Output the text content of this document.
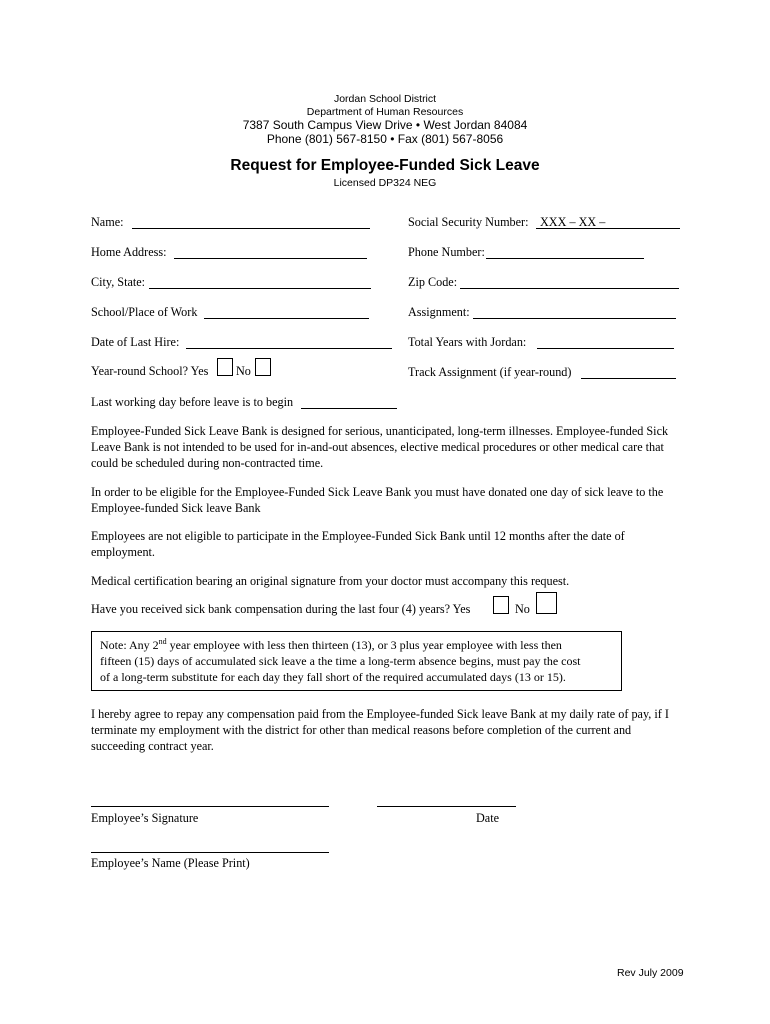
Jordan School District
Department of Human Resources
7387 South Campus View Drive • West Jordan 84084
Phone (801) 567-8150 • Fax (801) 567-8056
Request for Employee-Funded Sick Leave
Licensed DP324 NEG
Name:
Home Address:
City, State:
School/Place of Work
Date of Last Hire:
Year-round School? Yes No
Last working day before leave is to begin
Social Security Number: XXX – XX –
Phone Number:
Zip Code:
Assignment:
Total Years with Jordan:
Track Assignment (if year-round)
Employee-Funded Sick Leave Bank is designed for serious, unanticipated, long-term illnesses. Employee-funded Sick Leave Bank is not intended to be used for in-and-out absences, elective medical procedures or other medical care that could be scheduled during non-contracted time.
In order to be eligible for the Employee-Funded Sick Leave Bank you must have donated one day of sick leave to the Employee-funded Sick leave Bank
Employees are not eligible to participate in the Employee-Funded Sick Bank until 12 months after the date of employment.
Medical certification bearing an original signature from your doctor must accompany this request.
Have you received sick bank compensation during the last four (4) years? Yes	No
Note: Any 2nd year employee with less then thirteen (13), or 3 plus year employee with less then
fifteen (15) days of accumulated sick leave a the time a long-term absence begins, must pay the cost
of a long-term substitute for each day they fall short of the required accumulated days (13 or 15).
I hereby agree to repay any compensation paid from the Employee-funded Sick leave Bank at my daily rate of pay, if I terminate my employment with the district for other than medical reasons before completion of the current and succeeding contract year.
Employee’s Signature	Date
Employee’s Name (Please Print)
Rev July 2009
